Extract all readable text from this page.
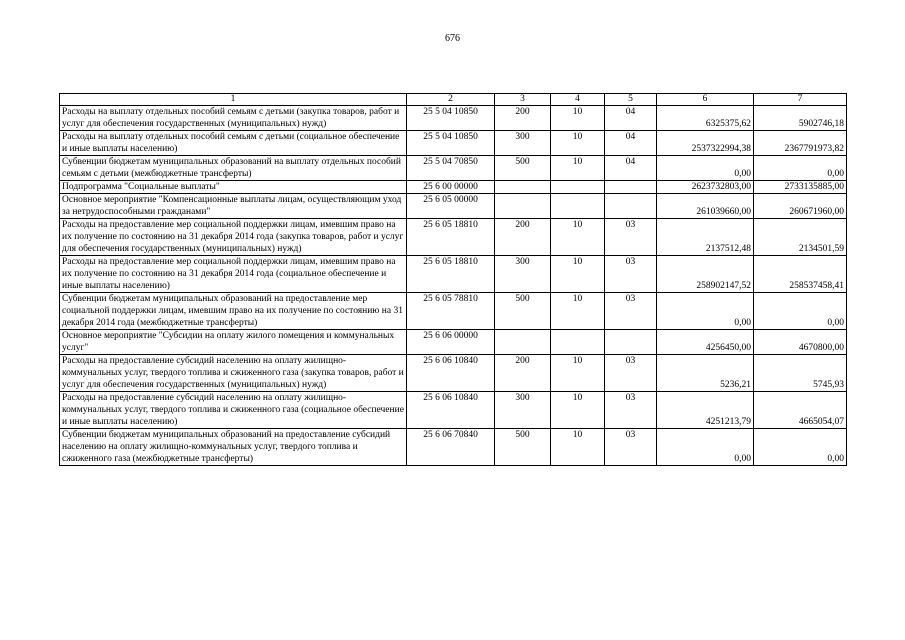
676
1	2	3	4	5	6	7
Расходы на выплату отдельных пособий семьям с детьми (закупка товаров, работ и услуг для обеспечения государственных (муниципальных) нужд)	25 5 04 10850	200	10	04	6325375,62	5902746,18
Расходы на выплату отдельных пособий семьям с детьми (социальное обеспечение и иные выплаты населению)	25 5 04 10850	300	10	04	2537322994,38	2367791973,82
Субвенции бюджетам муниципальных образований на выплату отдельных пособий семьям с детьми (межбюджетные трансферты)	25 5 04 70850	500	10	04	0,00	0,00
Подпрограмма "Социальные выплаты"	25 6 00 00000				2623732803,00	2733135885,00
Основное мероприятие "Компенсационные выплаты лицам, осуществляющим уход за нетрудоспособными гражданами"	25 6 05 00000				261039660,00	260671960,00
Расходы на предоставление мер социальной поддержки лицам, имевшим право на их получение по состоянию на 31 декабря 2014 года (закупка товаров, работ и услуг для обеспечения государственных (муниципальных) нужд)	25 6 05 18810	200	10	03	2137512,48	2134501,59
Расходы на предоставление мер социальной поддержки лицам, имевшим право на их получение по состоянию на 31 декабря 2014 года (социальное обеспечение и иные выплаты населению)	25 6 05 18810	300	10	03	258902147,52	258537458,41
Субвенции бюджетам муниципальных образований на предоставление мер социальной поддержки лицам, имевшим право на их получение по состоянию на 31 декабря 2014 года (межбюджетные трансферты)	25 6 05 78810	500	10	03	0,00	0,00
Основное мероприятие "Субсидии на оплату жилого помещения и коммунальных услуг"	25 6 06 00000				4256450,00	4670800,00
Расходы на предоставление субсидий населению на оплату жилищно-коммунальных услуг, твердого топлива и сжиженного газа (закупка товаров, работ и услуг для обеспечения государственных (муниципальных) нужд)	25 6 06 10840	200	10	03	5236,21	5745,93
Расходы на предоставление субсидий населению на оплату жилищно-коммунальных услуг, твердого топлива и сжиженного газа (социальное обеспечение и иные выплаты населению)	25 6 06 10840	300	10	03	4251213,79	4665054,07
Субвенции бюджетам муниципальных образований на предоставление субсидий населению на оплату жилищно-коммунальных услуг, твердого топлива и сжиженного газа (межбюджетные трансферты)	25 6 06 70840	500	10	03	0,00	0,00
